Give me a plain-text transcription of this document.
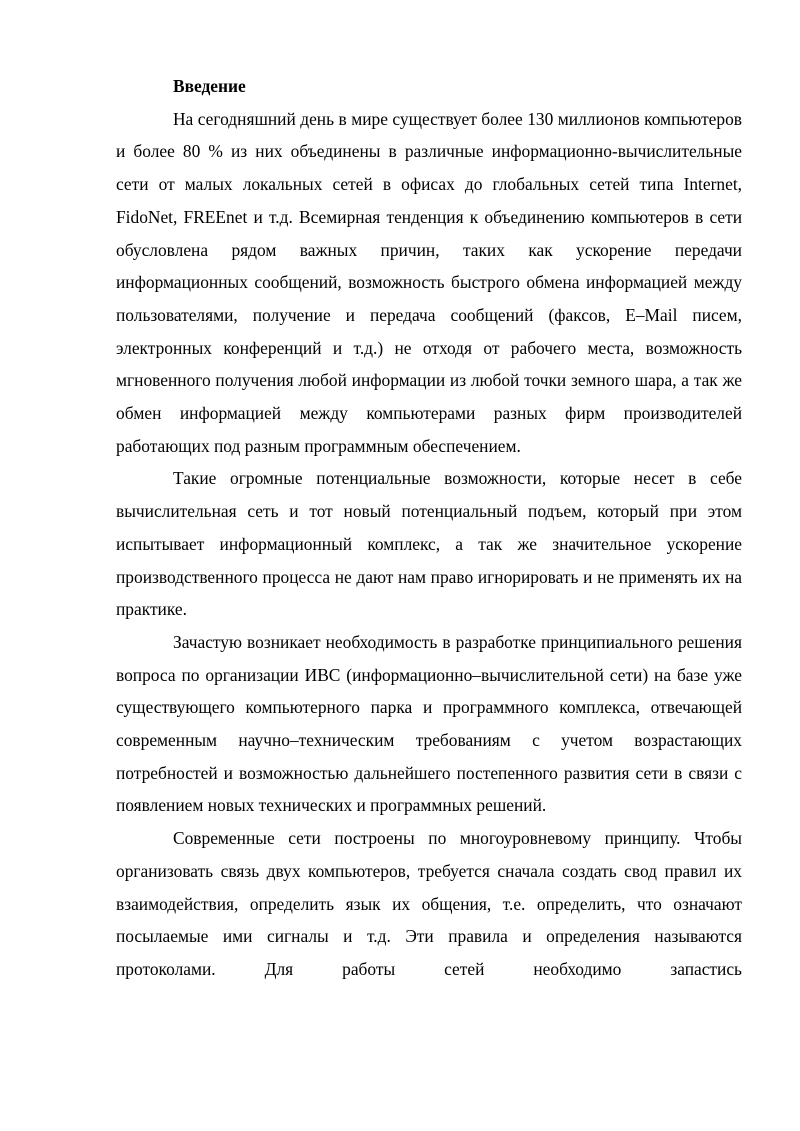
Введение

На сегодняшний день в мире существует более 130 миллионов компьютеров и более 80 % из них объединены в различные информационно-вычислительные сети от малых локальных сетей в офисах до глобальных сетей типа Internet, FidoNet, FREEnet и т.д. Всемирная тенденция к объединению компьютеров в сети обусловлена рядом важных причин, таких как ускорение передачи информационных сообщений, возможность быстрого обмена информацией между пользователями, получение и передача сообщений (факсов, E–Mail писем, электронных конференций и т.д.) не отходя от рабочего места, возможность мгновенного получения любой информации из любой точки земного шара, а так же обмен информацией между компьютерами разных фирм производителей работающих под разным программным обеспечением.

Такие огромные потенциальные возможности, которые несет в себе вычислительная сеть и тот новый потенциальный подъем, который при этом испытывает информационный комплекс, а так же значительное ускорение производственного процесса не дают нам право игнорировать и не применять их на практике.

Зачастую возникает необходимость в разработке принципиального решения вопроса по организации ИВС (информационно–вычислительной сети) на базе уже существующего компьютерного парка и программного комплекса, отвечающей современным научно–техническим требованиям с учетом возрастающих потребностей и возможностью дальнейшего постепенного развития сети в связи с появлением новых технических и программных решений.

Современные сети построены по многоуровневому принципу. Чтобы организовать связь двух компьютеров, требуется сначала создать свод правил их взаимодействия, определить язык их общения, т.е. определить, что означают посылаемые ими сигналы и т.д. Эти правила и определения называются протоколами. Для работы сетей необходимо запастись
